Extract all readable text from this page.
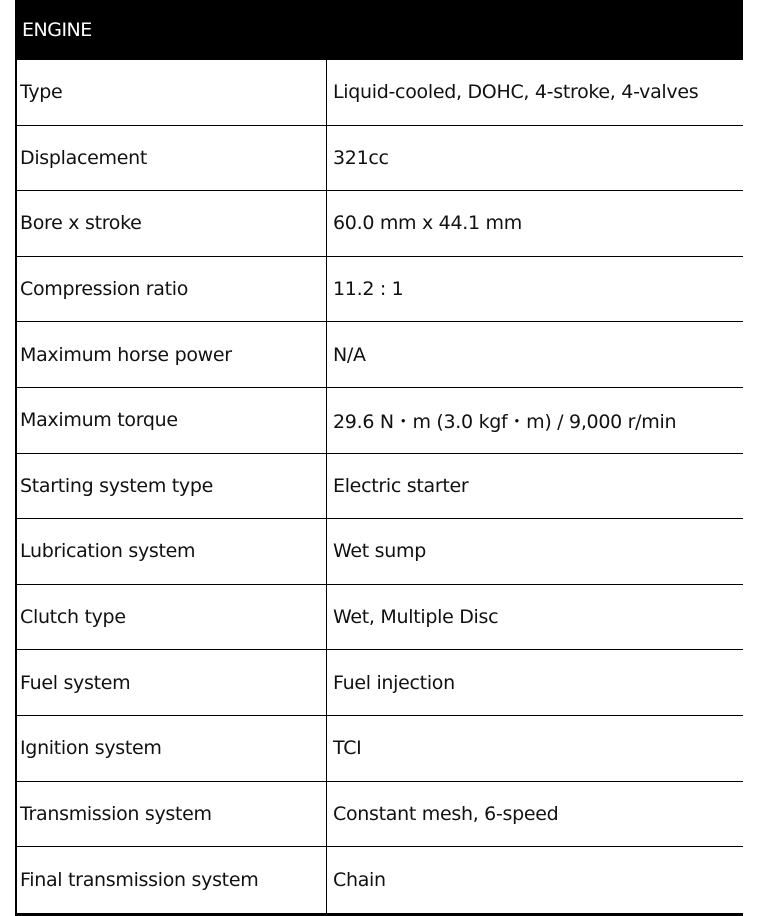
ENGINE
Type	Liquid-cooled, DOHC, 4-stroke, 4-valves
Displacement	321cc
Bore x stroke	60.0 mm x 44.1 mm
Compression ratio	11.2 : 1
Maximum horse power	N/A
Maximum torque	29.6 N・m (3.0 kgf・m) / 9,000 r/min
Starting system type	Electric starter
Lubrication system	Wet sump
Clutch type	Wet, Multiple Disc
Fuel system	Fuel injection
Ignition system	TCI
Transmission system	Constant mesh, 6-speed
Final transmission system	Chain
